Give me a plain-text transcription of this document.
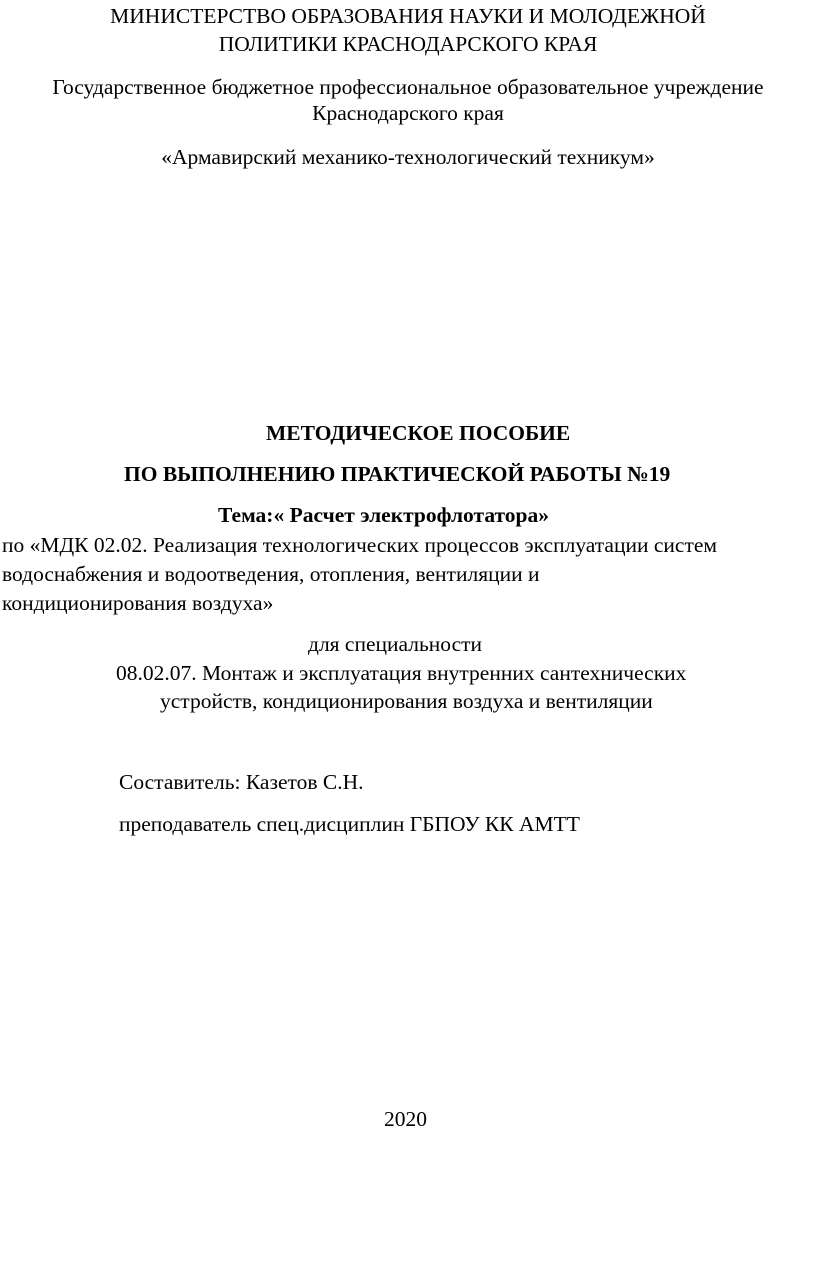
МИНИСТЕРСТВО ОБРАЗОВАНИЯ НАУКИ И МОЛОДЕЖНОЙ
ПОЛИТИКИ КРАСНОДАРСКОГО КРАЯ
Государственное бюджетное профессиональное образовательное учреждение
Краснодарского края
«Армавирский механико-технологический техникум»
МЕТОДИЧЕСКОЕ ПОСОБИЕ
ПО ВЫПОЛНЕНИЮ ПРАКТИЧЕСКОЙ РАБОТЫ №19
Тема:« Расчет электрофлотатора»
по «МДК 02.02. Реализация технологических процессов эксплуатации систем
водоснабжения и водоотведения, отопления, вентиляции и
кондиционирования воздуха»
для специальности
08.02.07. Монтаж и эксплуатация внутренних сантехнических
устройств, кондиционирования воздуха и вентиляции
Составитель: Казетов С.Н.
преподаватель спец.дисциплин ГБПОУ КК АМТТ
2020
